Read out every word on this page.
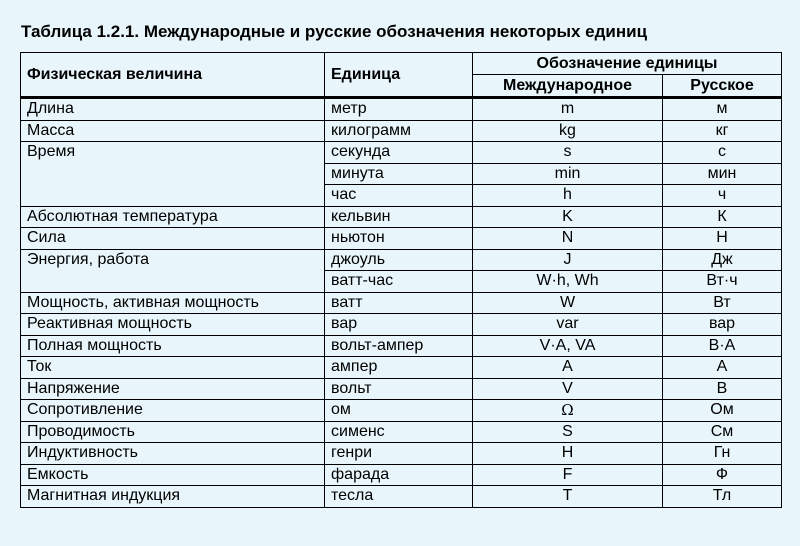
Таблица 1.2.1. Международные и русские обозначения некоторых единиц
Физическая величина	Единица	Обозначение единицы	
		Международное	Русское
Длина	метр	m	м
Масса	килограмм	kg	кг
Время	секунда	s	с
	минута	min	мин
	час	h	ч
Абсолютная температура	кельвин	K	К
Сила	ньютон	N	Н
Энергия, работа	джоуль	J	Дж
	ватт-час	W·h, Wh	Вт·ч
Мощность, активная мощность	ватт	W	Вт
Реактивная мощность	вар	var	вар
Полная мощность	вольт-ампер	V·A, VA	В·А
Ток	ампер	A	А
Напряжение	вольт	V	В
Сопротивление	ом	Ω	Ом
Проводимость	сименс	S	См
Индуктивность	генри	H	Гн
Емкость	фарада	F	Ф
Магнитная индукция	тесла	T	Тл
